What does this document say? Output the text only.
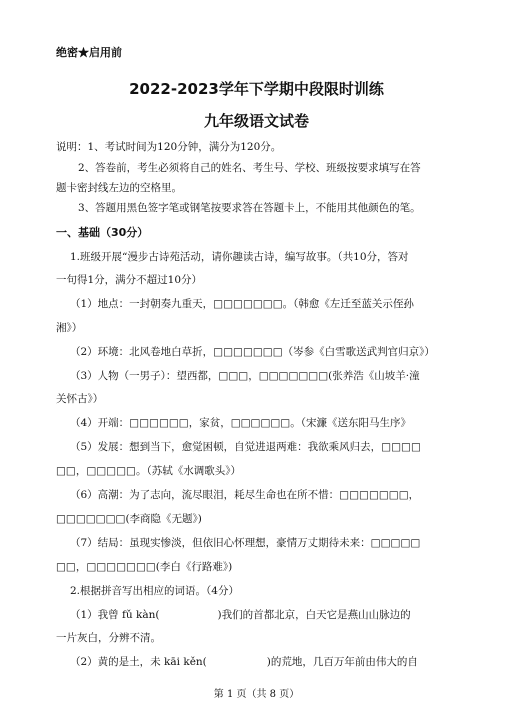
绝密★启用前
2022-2023学年下学期中段限时训练
九年级语文试卷
说明：1、考试时间为120分钟，满分为120分。
2、答卷前，考生必须将自己的姓名、考生号、学校、班级按要求填写在答
题卡密封线左边的空格里。
3、答题用黑色签字笔或钢笔按要求答在答题卡上，不能用其他颜色的笔。
一、基础（30分）
1.班级开展“漫步古诗苑活动，请你趣读古诗，编写故事。（共10分，答对
一句得1分，满分不超过10分）
（1）地点：一封朝奏九重天，□□□□□□□。（韩愈《左迁至蓝关示侄孙
湘》）
（2）环境：北风卷地白草折，□□□□□□□（岑参《白雪歌送武判官归京》）
（3）人物（一男子）：望西都，□□□，□□□□□□□(张养浩《山坡羊·潼
关怀古》）
（4）开端：□□□□□□，家贫，□□□□□□。（宋濂《送东阳马生序》
（5）发展：想到当下，愈觉困顿，自觉进退两难：我欲乘风归去，□□□□
□□，□□□□□。（苏轼《水调歌头》）
（6）高潮：为了志向，流尽眼泪，耗尽生命也在所不惜：□□□□□□□，
□□□□□□□(李商隐《无题》)
（7）结局：虽现实惨淡，但依旧心怀理想，豪情万丈期待未来：□□□□□
□□，□□□□□□□(李白《行路难》)
2.根据拼音写出相应的词语。（4分）
（1）我曾 fǔ kàn(	)我们的首都北京，白天它是燕山山脉边的
一片灰白，分辨不清。
（2）黄的是土，未 kāi kěn(	)的荒地，几百万年前由伟大的自
第 1 页（共 8 页）
